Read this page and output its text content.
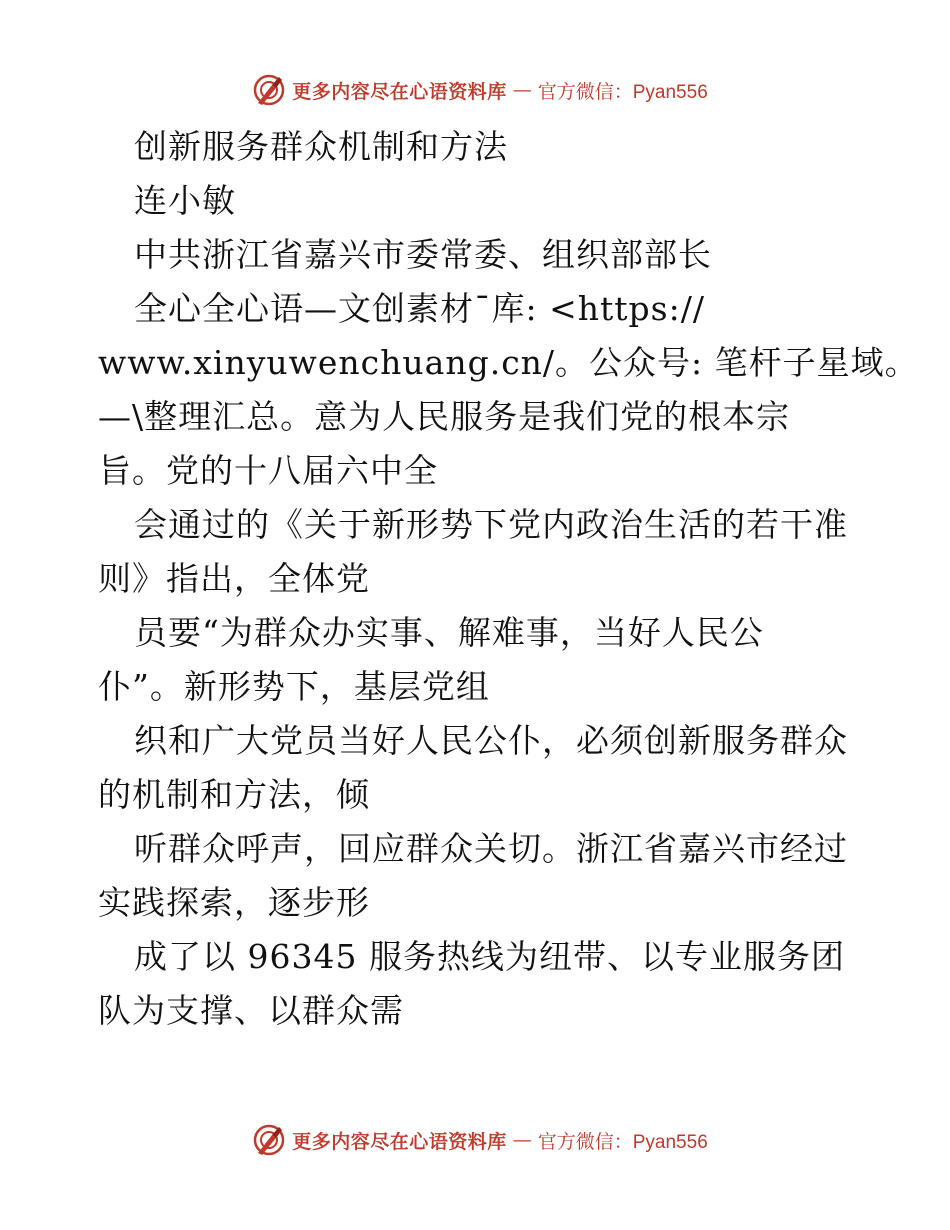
更多内容尽在心语资料库 — 官方微信：Pyan556
创新服务群众机制和方法
连小敏
中共浙江省嘉兴市委常委、组织部部长
全心全心语—文创素材¯库: <https://
www.xinyuwenchuang.cn/。公众号: 笔杆子星域。
—\整理汇总。意为人民服务是我们党的根本宗
旨。党的十八届六中全
会通过的《关于新形势下党内政治生活的若干准
则》指出，全体党
员要“为群众办实事、解难事，当好人民公
仆”。新形势下，基层党组
织和广大党员当好人民公仆，必须创新服务群众
的机制和方法，倾
听群众呼声，回应群众关切。浙江省嘉兴市经过
实践探索，逐步形
成了以 96345 服务热线为纽带、以专业服务团
队为支撑、以群众需
更多内容尽在心语资料库 — 官方微信：Pyan556
